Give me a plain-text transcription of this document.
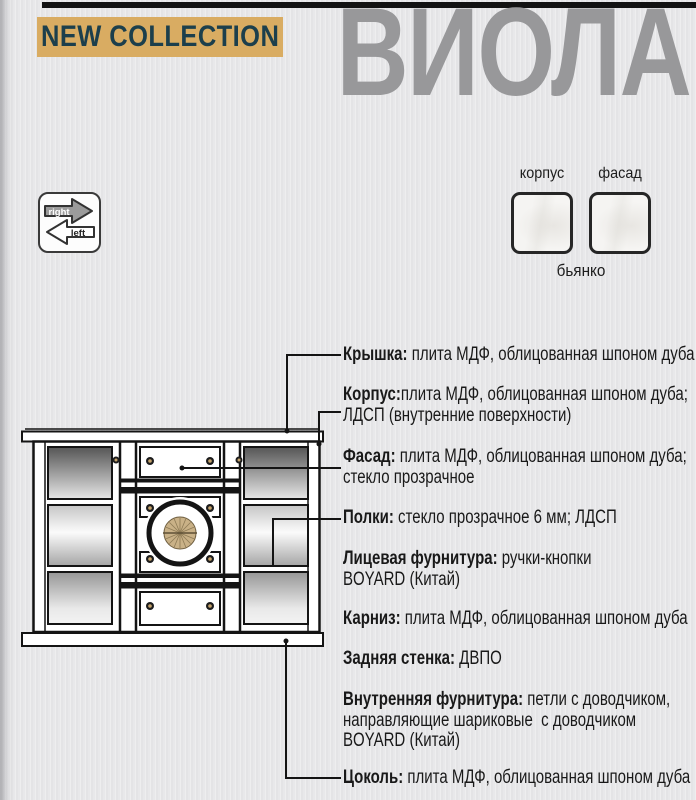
NEW COLLECTION ВИОЛА
right
left
корпус	фасад
бьянко
Крышка: плита МДФ, облицованная шпоном дуба
Корпус:плита МДФ, облицованная шпоном дуба;
ЛДСП (внутренние поверхности)
Фасад: плита МДФ, облицованная шпоном дуба;
стекло прозрачное
Полки: стекло прозрачное 6 мм; ЛДСП
Лицевая фурнитура: ручки-кнопки
BOYARD (Китай)
Карниз: плита МДФ, облицованная шпоном дуба
Задняя стенка: ДВПО
Внутренняя фурнитура: петли с доводчиком,
направляющие шариковые  с доводчиком
BOYARD (Китай)
Цоколь: плита МДФ, облицованная шпоном дуба
